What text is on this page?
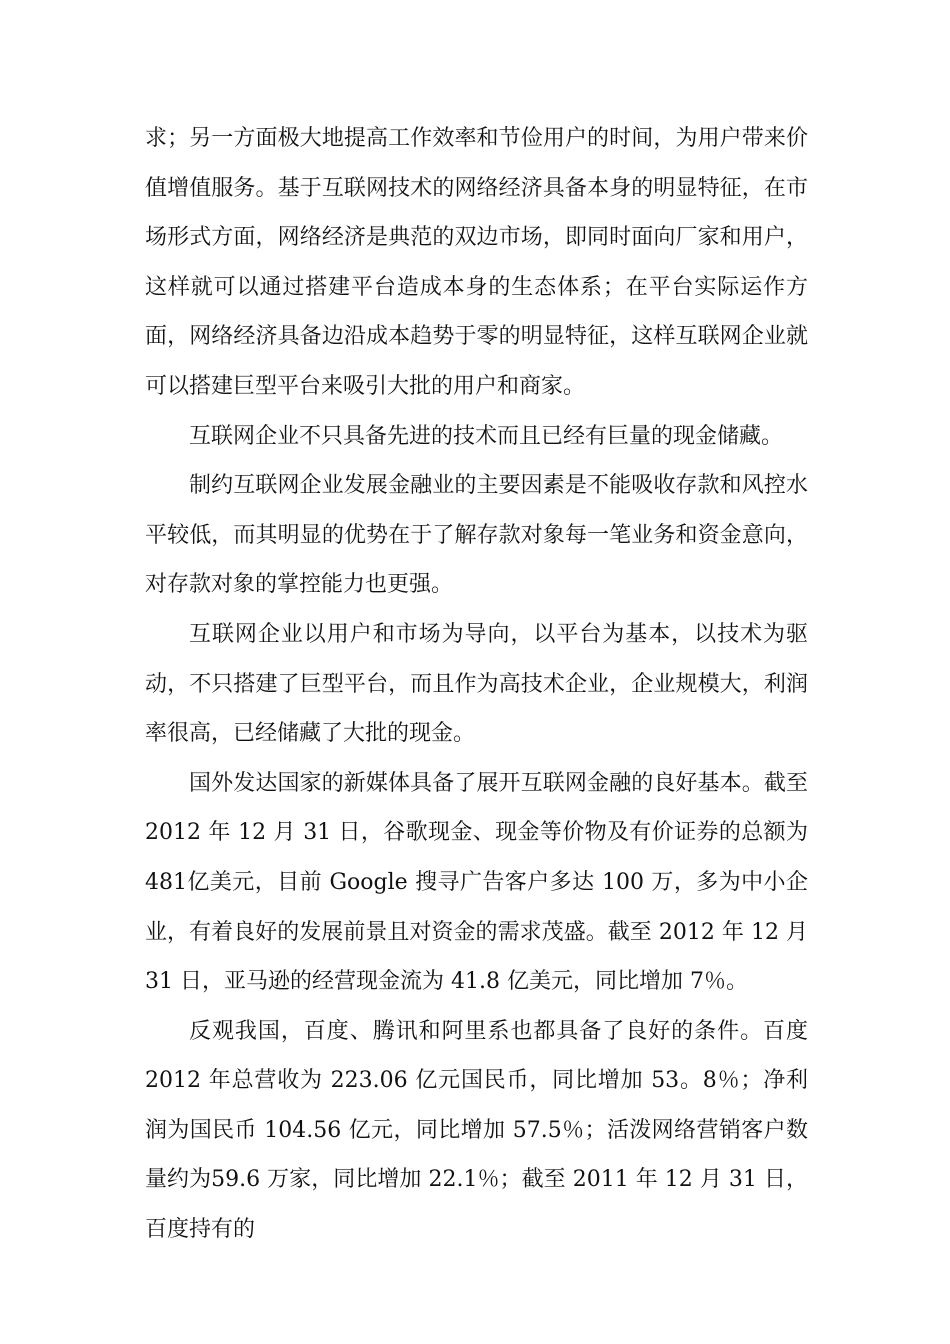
求；另一方面极大地提高工作效率和节俭用户的时间，为用户带来价值增值服务。基于互联网技术的网络经济具备本身的明显特征，在市场形式方面，网络经济是典范的双边市场，即同时面向厂家和用户，这样就可以通过搭建平台造成本身的生态体系；在平台实际运作方面，网络经济具备边沿成本趋势于零的明显特征，这样互联网企业就可以搭建巨型平台来吸引大批的用户和商家。

互联网企业不只具备先进的技术而且已经有巨量的现金储藏。

制约互联网企业发展金融业的主要因素是不能吸收存款和风控水平较低，而其明显的优势在于了解存款对象每一笔业务和资金意向，对存款对象的掌控能力也更强。

互联网企业以用户和市场为导向，以平台为基本，以技术为驱动，不只搭建了巨型平台，而且作为高技术企业，企业规模大，利润率很高，已经储藏了大批的现金。

国外发达国家的新媒体具备了展开互联网金融的良好基本。截至2012 年 12 月 31 日，谷歌现金、现金等价物及有价证券的总额为 481亿美元，目前 Google 搜寻广告客户多达 100 万，多为中小企业，有着良好的发展前景且对资金的需求茂盛。截至 2012 年 12 月 31 日，亚马逊的经营现金流为 41.8 亿美元，同比增加 7％。

反观我国，百度、腾讯和阿里系也都具备了良好的条件。百度2012 年总营收为 223.06 亿元国民币，同比增加 53。8％；净利润为国民币 104.56 亿元，同比增加 57.5％；活泼网络营销客户数量约为59.6 万家，同比增加 22.1％；截至 2011 年 12 月 31 日，百度持有的
